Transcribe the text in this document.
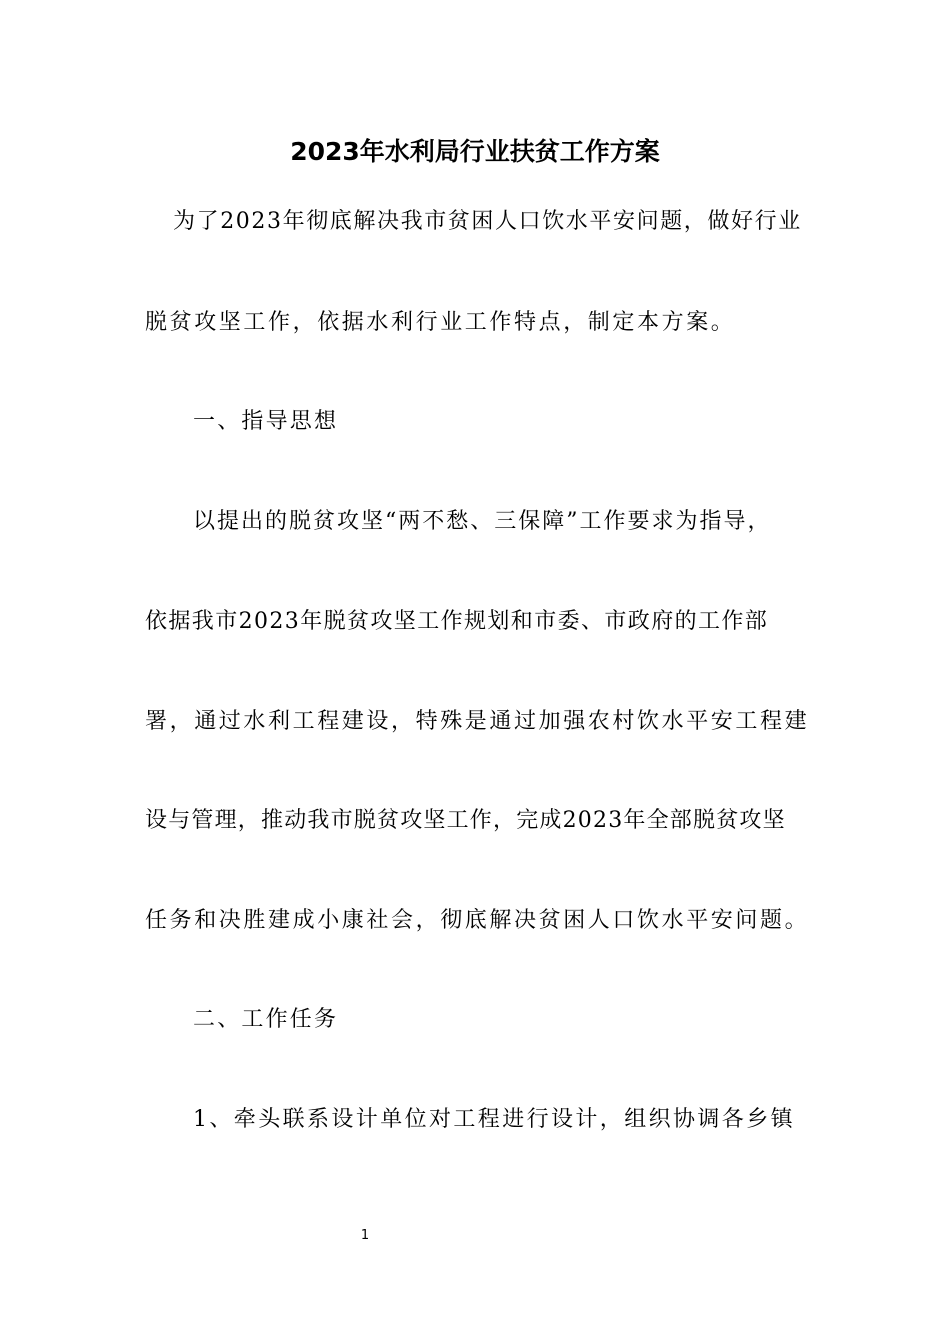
2023年水利局行业扶贫工作方案
为了2023年彻底解决我市贫困人口饮水平安问题，做好行业
脱贫攻坚工作，依据水利行业工作特点，制定本方案。
一、指导思想
以提出的脱贫攻坚“两不愁、三保障”工作要求为指导，
依据我市2023年脱贫攻坚工作规划和市委、市政府的工作部
署，通过水利工程建设，特殊是通过加强农村饮水平安工程建
设与管理，推动我市脱贫攻坚工作，完成2023年全部脱贫攻坚
任务和决胜建成小康社会，彻底解决贫困人口饮水平安问题。
二、工作任务
1、牵头联系设计单位对工程进行设计，组织协调各乡镇
1
